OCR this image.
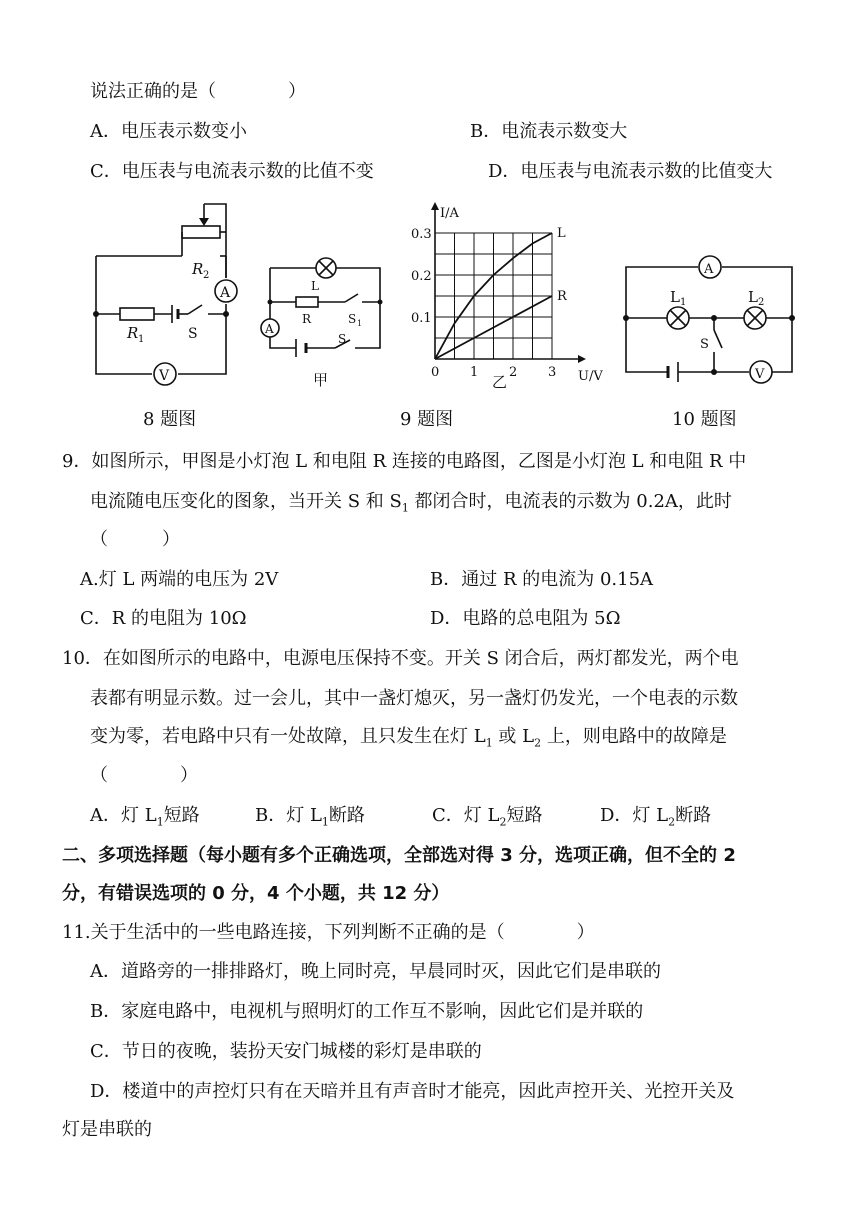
说法正确的是（　　　　）
A．电压表示数变小	B．电流表示数变大
C．电压表与电流表示数的比值不变	D．电压表与电流表示数的比值变大
A
V
R 2
R 1	S
8 题图
A
L
R	S 1
S
甲	0 1 2 3
0.1
0.2
0.3	L
R
I/A
U/V
乙
9 题图
A
V
L 1	L 2
S
10 题图
9．如图所示，甲图是小灯泡 L 和电阻 R 连接的电路图，乙图是小灯泡 L 和电阻 R 中
电流随电压变化的图象，当开关 S 和 $S_1$ 都闭合时，电流表的示数为 0.2A，此时
（　　　）
A.灯 L 两端的电压为 2V	B．通过 R 的电流为 0.15A
C．R 的电阻为 10Ω	D．电路的总电阻为 5Ω
10．在如图所示的电路中，电源电压保持不变。开关 S 闭合后，两灯都发光，两个电
表都有明显示数。过一会儿，其中一盏灯熄灭，另一盏灯仍发光，一个电表的示数
变为零，若电路中只有一处故障，且只发生在灯 $L_1$ 或 $L_2$ 上，则电路中的故障是
（　　　　）
A．灯 $L_1$短路	B．灯 $L_1$断路	C．灯 $L_2$短路	D．灯 $L_2$断路
二、多项选择题（每小题有多个正确选项，全部选对得 3 分，选项正确，但不全的 2
分，有错误选项的 0 分，4 个小题，共 12 分）
11.关于生活中的一些电路连接，下列判断不正确的是（　　　　）
A．道路旁的一排排路灯，晚上同时亮，早晨同时灭，因此它们是串联的
B．家庭电路中，电视机与照明灯的工作互不影响，因此它们是并联的
C．节日的夜晚，装扮天安门城楼的彩灯是串联的
D．楼道中的声控灯只有在天暗并且有声音时才能亮，因此声控开关、光控开关及
灯是串联的
